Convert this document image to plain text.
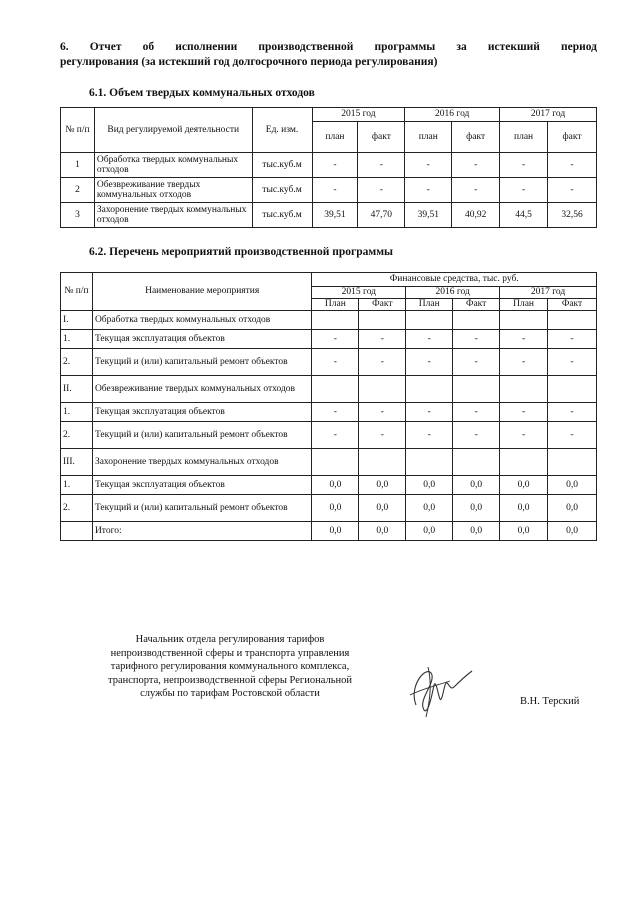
6. Отчет об исполнении производственной программы за истекший период
регулирования (за истекший год долгосрочного периода регулирования)
6.1. Объем твердых коммунальных отходов
№ п/п	Вид регулируемой деятельности	Ед. изм.	2015 год		2016 год		2017 год	
			план	факт	план	факт	план	факт
1	Обработка твердых коммунальных отходов	тыс.куб.м	-	-	-	-	-	-
2	Обезвреживание твердых коммунальных отходов	тыс.куб.м	-	-	-	-	-	-
3	Захоронение твердых коммунальных отходов	тыс.куб.м	39,51	47,70	39,51	40,92	44,5	32,56
6.2. Перечень мероприятий производственной программы
№ п/п	Наименование мероприятия	Финансовые средства, тыс. руб.					
		2015 год		2016 год		2017 год	
		План	Факт	План	Факт	План	Факт
I.	Обработка твердых коммунальных отходов						
1.	Текущая эксплуатация объектов	-	-	-	-	-	-
2.	Текущий и (или) капитальный ремонт объектов	-	-	-	-	-	-
II.	Обезвреживание твердых коммунальных отходов						
1.	Текущая эксплуатация объектов	-	-	-	-	-	-
2.	Текущий и (или) капитальный ремонт объектов	-	-	-	-	-	-
III.	Захоронение твердых коммунальных отходов						
1.	Текущая эксплуатация объектов	0,0	0,0	0,0	0,0	0,0	0,0
2.	Текущий и (или) капитальный ремонт объектов	0,0	0,0	0,0	0,0	0,0	0,0
	Итого:	0,0	0,0	0,0	0,0	0,0	0,0
Начальник отдела регулирования тарифов
непроизводственной сферы и транспорта управления
тарифного регулирования коммунального комплекса,
транспорта, непроизводственной сферы Региональной
службы по тарифам Ростовской области
В.Н. Терский
